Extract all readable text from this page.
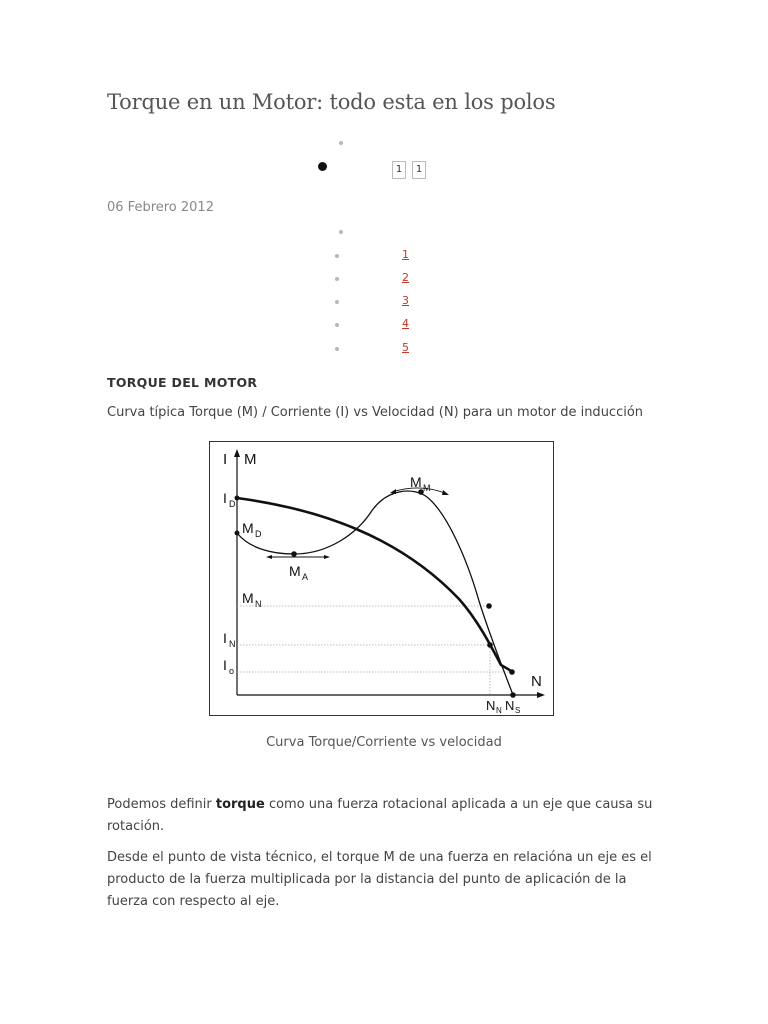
Torque en un Motor: todo esta en los polos
1	1
06 Febrero 2012
1
2
3
4
5
TORQUE DEL MOTOR
Curva típica Torque (M) / Corriente (I) vs Velocidad (N) para un motor de inducción
I M
N
I D
M D
M A
M M
M N
I N
I o
N N N S
Curva Torque/Corriente vs velocidad

Podemos definir torque como una fuerza rotacional aplicada a un eje que causa su rotación.

Desde el punto de vista técnico, el torque M de una fuerza en relacióna un eje es el producto de la fuerza multiplicada por la distancia del punto de aplicación de la fuerza con respecto al eje.
